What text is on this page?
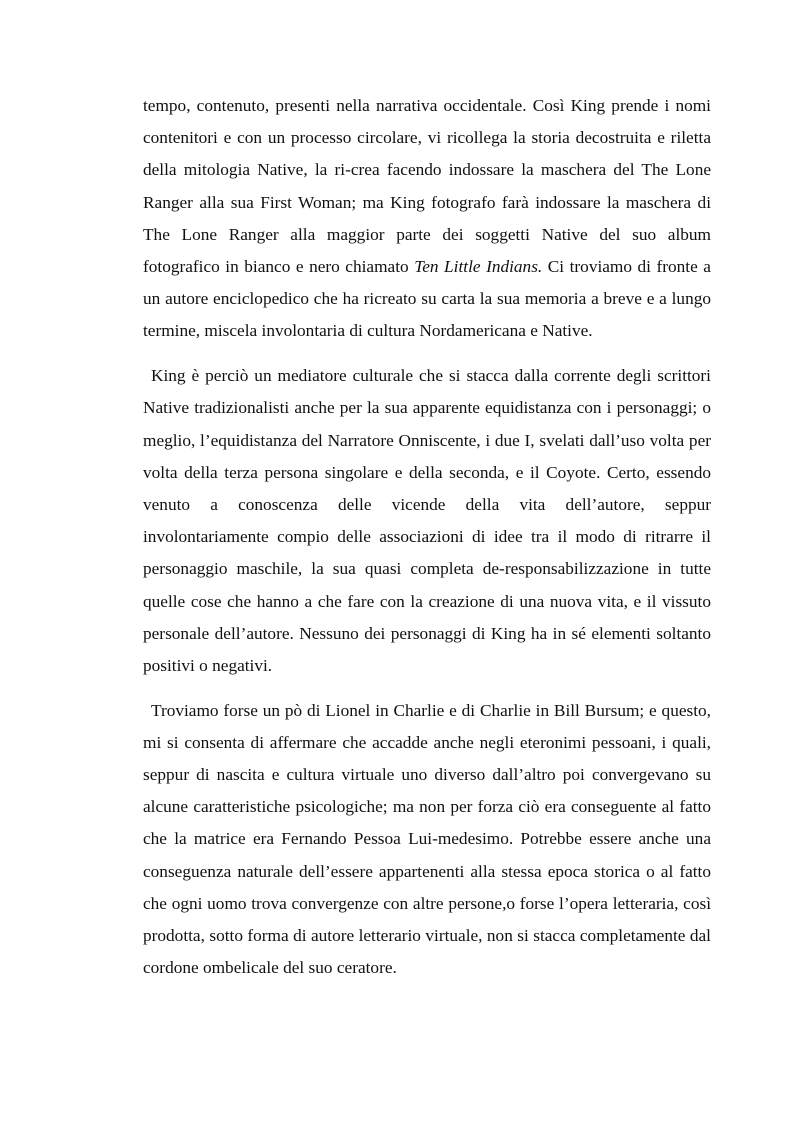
tempo, contenuto, presenti nella narrativa occidentale. Così King prende i nomi contenitori e con un processo circolare, vi ricollega la storia decostruita e riletta della mitologia Native, la ri-crea facendo indossare la maschera del The Lone Ranger alla sua First Woman; ma King fotografo farà indossare la maschera di The Lone Ranger alla maggior parte dei soggetti Native del suo album fotografico in bianco e nero chiamato Ten Little Indians. Ci troviamo di fronte a un autore enciclopedico che ha ricreato su carta la sua memoria a breve e a lungo termine, miscela involontaria di cultura Nordamericana e Native.

King è perciò un mediatore culturale che si stacca dalla corrente degli scrittori Native tradizionalisti anche per la sua apparente equidistanza con i personaggi; o meglio, l’equidistanza del Narratore Onniscente, i due I, svelati dall’uso volta per volta della terza persona singolare e della seconda, e il Coyote. Certo, essendo venuto a conoscenza delle vicende della vita dell’autore, seppur involontariamente compio delle associazioni di idee tra il modo di ritrarre il personaggio maschile, la sua quasi completa de-responsabilizzazione in tutte quelle cose che hanno a che fare con la creazione di una nuova vita, e il vissuto personale dell’autore. Nessuno dei personaggi di King ha in sé elementi soltanto positivi o negativi.

Troviamo forse un pò di Lionel in Charlie e di Charlie in Bill Bursum; e questo, mi si consenta di affermare che accadde anche negli eteronimi pessoani, i quali, seppur di nascita e cultura virtuale uno diverso dall’altro poi convergevano su alcune caratteristiche psicologiche; ma non per forza ciò era conseguente al fatto che la matrice era Fernando Pessoa Lui-medesimo. Potrebbe essere anche una conseguenza naturale dell’essere appartenenti alla stessa epoca storica o al fatto che ogni uomo trova convergenze con altre persone,o forse l’opera letteraria, così prodotta, sotto forma di autore letterario virtuale, non si stacca completamente dal cordone ombelicale del suo ceratore.
